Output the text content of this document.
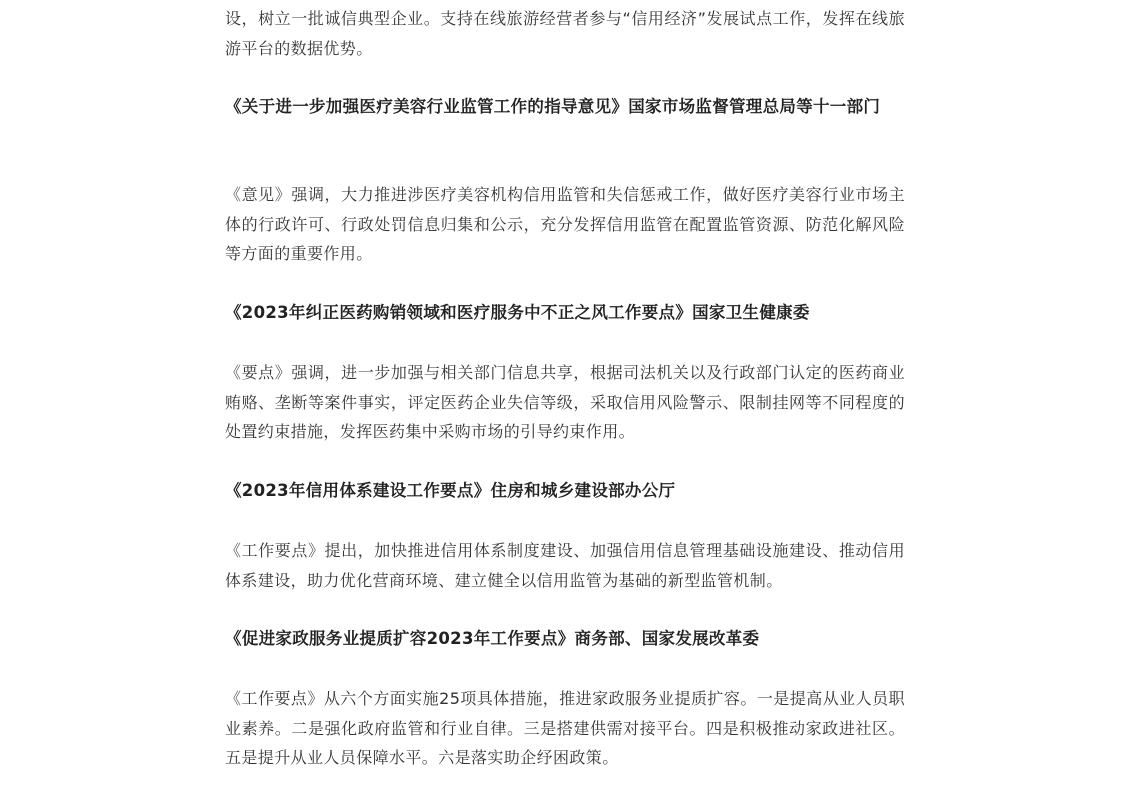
设，树立一批诚信典型企业。支持在线旅游经营者参与“信用经济”发展试点工作，发挥在线旅游平台的数据优势。

《关于进一步加强医疗美容行业监管工作的指导意见》国家市场监督管理总局等十一部门

《意见》强调，大力推进涉医疗美容机构信用监管和失信惩戒工作，做好医疗美容行业市场主体的行政许可、行政处罚信息归集和公示，充分发挥信用监管在配置监管资源、防范化解风险等方面的重要作用。

《2023年纠正医药购销领域和医疗服务中不正之风工作要点》国家卫生健康委

《要点》强调，进一步加强与相关部门信息共享，根据司法机关以及行政部门认定的医药商业贿赂、垄断等案件事实，评定医药企业失信等级，采取信用风险警示、限制挂网等不同程度的处置约束措施，发挥医药集中采购市场的引导约束作用。

《2023年信用体系建设工作要点》住房和城乡建设部办公厅

《工作要点》提出，加快推进信用体系制度建设、加强信用信息管理基础设施建设、推动信用体系建设，助力优化营商环境、建立健全以信用监管为基础的新型监管机制。

《促进家政服务业提质扩容2023年工作要点》商务部、国家发展改革委

《工作要点》从六个方面实施25项具体措施，推进家政服务业提质扩容。一是提高从业人员职业素养。二是强化政府监管和行业自律。三是搭建供需对接平台。四是积极推动家政进社区。五是提升从业人员保障水平。六是落实助企纾困政策。
